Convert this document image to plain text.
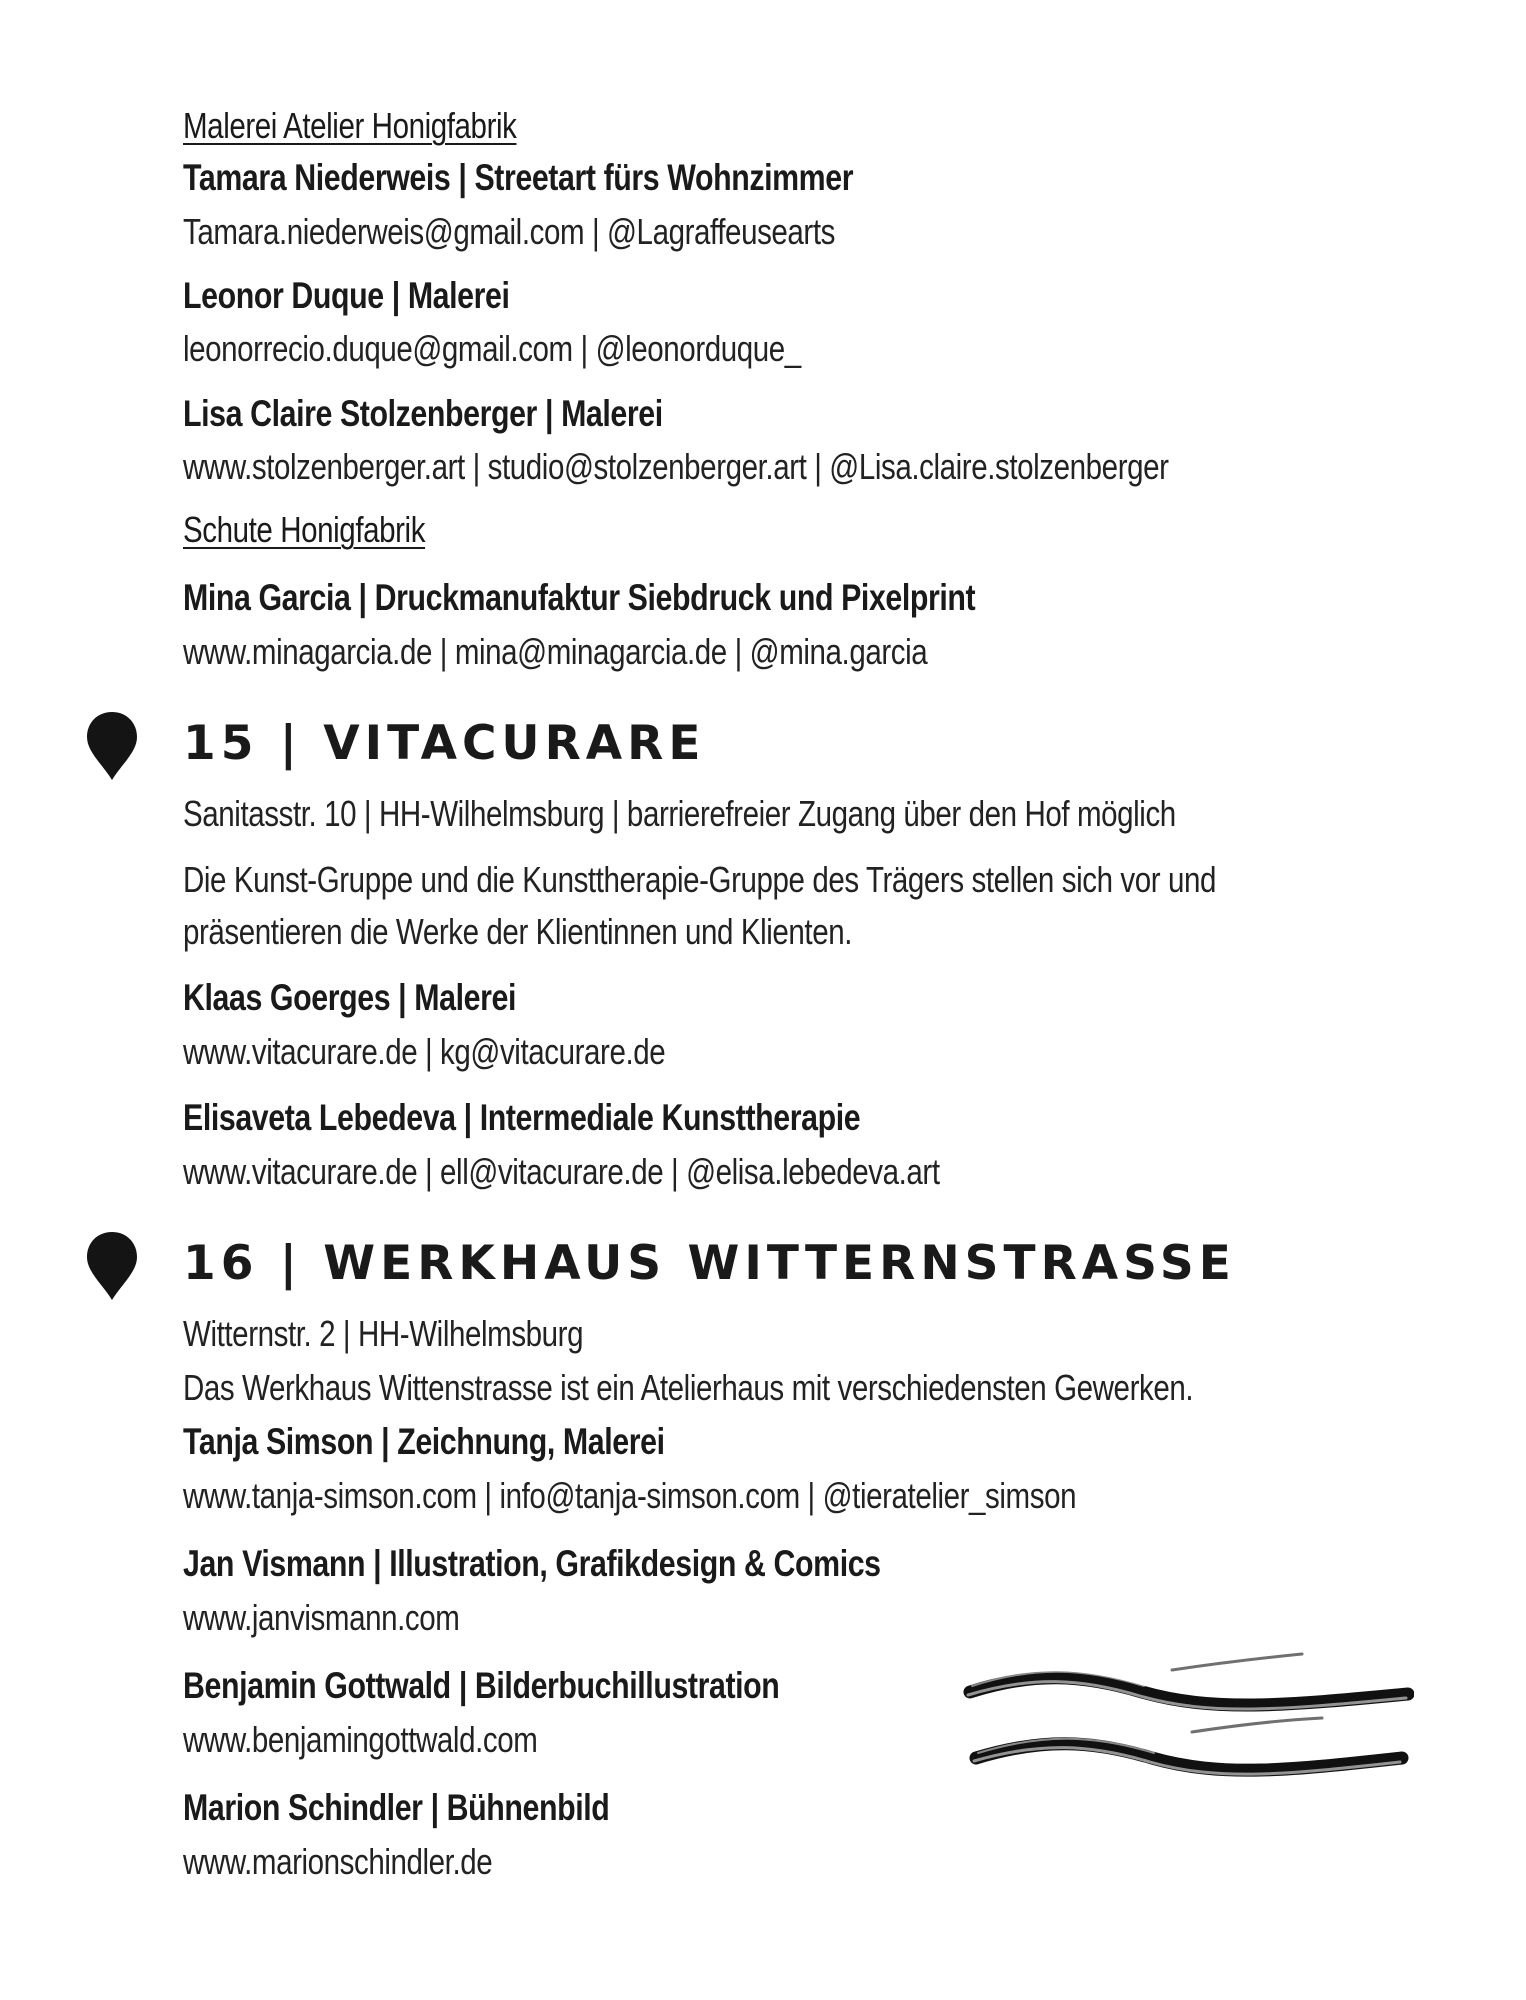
Malerei Atelier Honigfabrik
Tamara Niederweis | Streetart fürs Wohnzimmer
Tamara.niederweis@gmail.com | @Lagraffeusearts
Leonor Duque | Malerei
leonorrecio.duque@gmail.com | @leonorduque_
Lisa Claire Stolzenberger | Malerei
www.stolzenberger.art | studio@stolzenberger.art | @Lisa.claire.stolzenberger
Schute Honigfabrik
Mina Garcia | Druckmanufaktur Siebdruck und Pixelprint
www.minagarcia.de | mina@minagarcia.de | @mina.garcia
15 | VITACURARE
Sanitasstr. 10 | HH-Wilhelmsburg | barrierefreier Zugang über den Hof möglich
Die Kunst-Gruppe und die Kunsttherapie-Gruppe des Trägers stellen sich vor und
präsentieren die Werke der Klientinnen und Klienten.
Klaas Goerges | Malerei
www.vitacurare.de | kg@vitacurare.de
Elisaveta Lebedeva | Intermediale Kunsttherapie
www.vitacurare.de | ell@vitacurare.de | @elisa.lebedeva.art
16 | WERKHAUS WITTERNSTRASSE
Witternstr. 2 | HH-Wilhelmsburg
Das Werkhaus Wittenstrasse ist ein Atelierhaus mit verschiedensten Gewerken.
Tanja Simson | Zeichnung, Malerei
www.tanja-simson.com | info@tanja-simson.com | @tieratelier_simson
Jan Vismann | Illustration, Grafikdesign & Comics
www.janvismann.com
Benjamin Gottwald | Bilderbuchillustration
www.benjamingottwald.com
Marion Schindler | Bühnenbild
www.marionschindler.de
